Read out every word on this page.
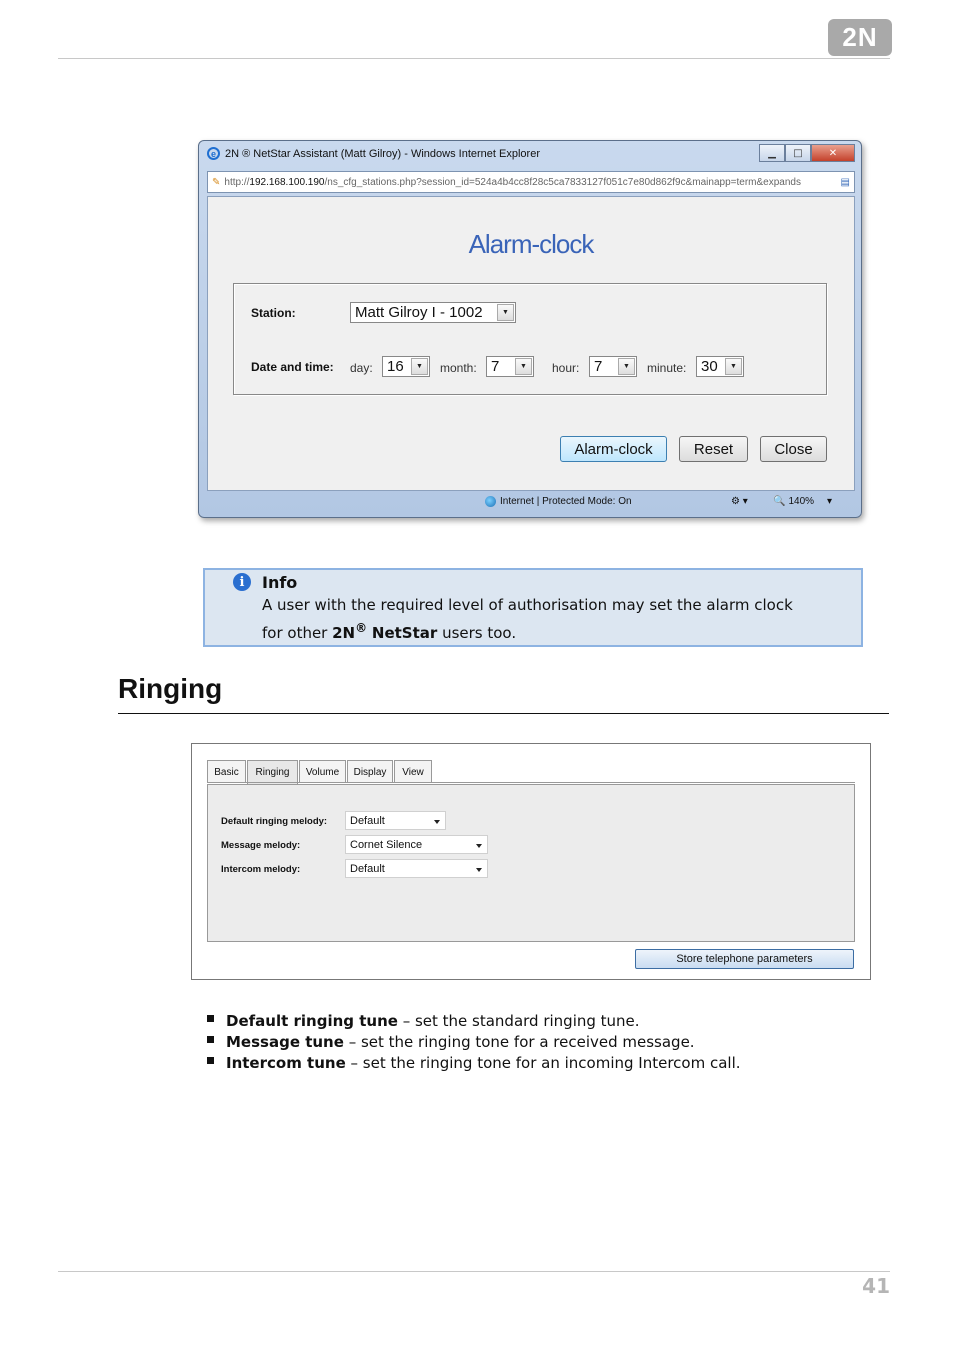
2N
e 2N ® NetStar Assistant (Matt Gilroy) - Windows Internet Explorer	▁	□	✕
✎ http://192.168.100.190/ns_cfg_stations.php?session_id=524a4b4cc8f28c5ca7833127f051c7e80d862f9c&mainapp=term&expands	▤
Alarm-clock
Station:	Matt Gilroy I - 1002	▼
Date and time: day: 16	▼	month: 7	▼	hour: 7	▼	minute: 30	▼
Alarm-clock	Reset	Close
Internet | Protected Mode: On	⚙ ▾	🔍 140% ▾
i	Info
A user with the required level of authorisation may set the alarm clock
for other 2N® NetStar users too.
Ringing
Basic	Ringing	Volume	Display	View
Default ringing melody: Default
Message melody:	Cornet Silence
Intercom melody:	Default
Store telephone parameters
Default ringing tune – set the standard ringing tune.
Message tune – set the ringing tone for a received message.
Intercom tune – set the ringing tone for an incoming Intercom call.
41
